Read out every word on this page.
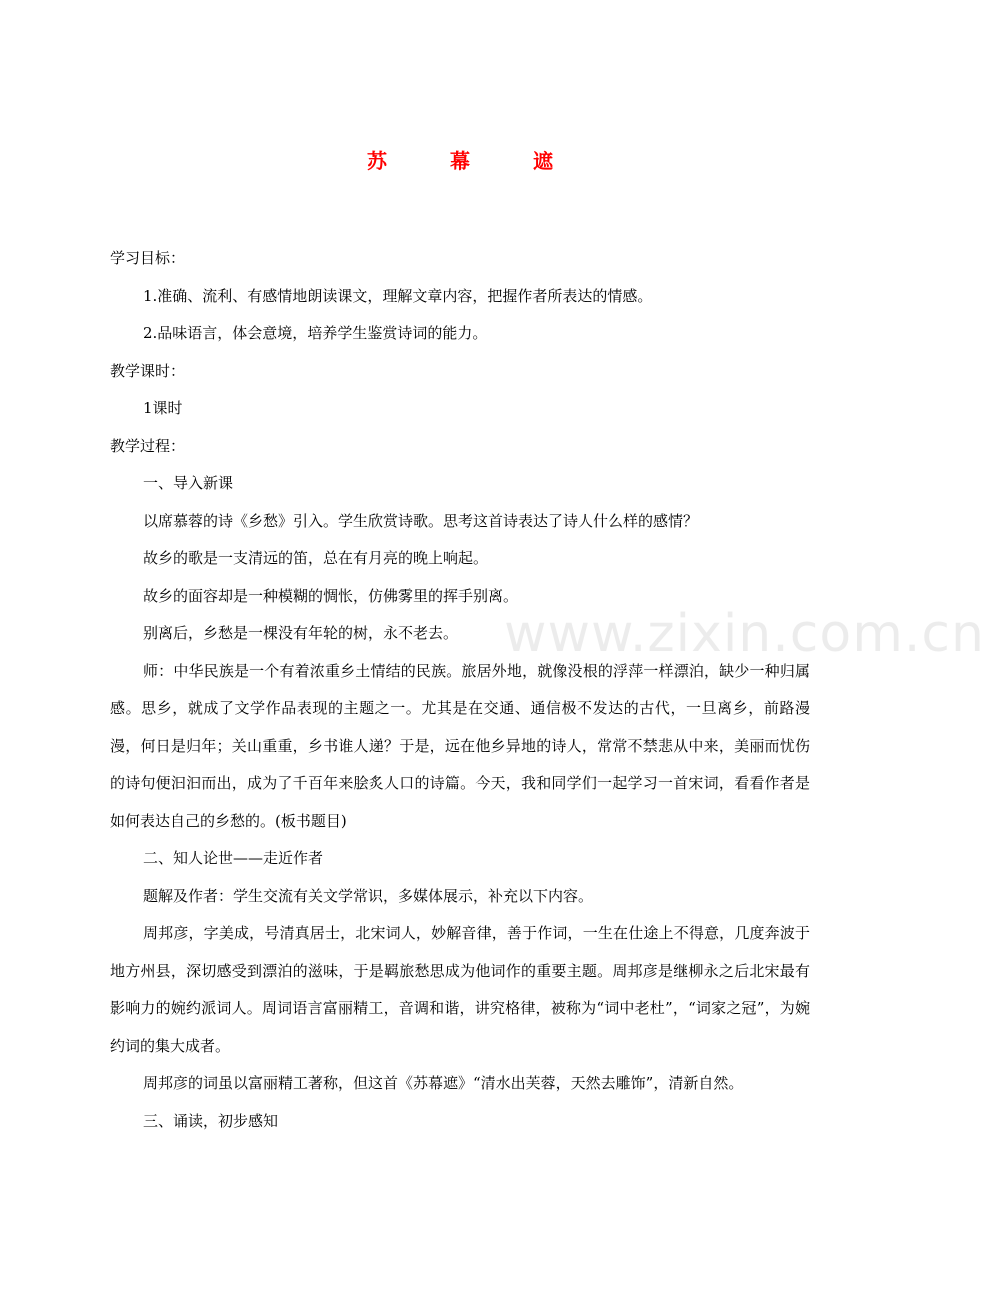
苏 幕 遮

学习目标：

1.准确、流利、有感情地朗读课文，理解文章内容，把握作者所表达的情感。

2.品味语言，体会意境，培养学生鉴赏诗词的能力。

教学课时：

1课时

教学过程：

一、导入新课

以席慕蓉的诗《乡愁》引入。学生欣赏诗歌。思考这首诗表达了诗人什么样的感情？

故乡的歌是一支清远的笛，总在有月亮的晚上响起。

故乡的面容却是一种模糊的惆怅，仿佛雾里的挥手别离。

别离后，乡愁是一棵没有年轮的树，永不老去。

师：中华民族是一个有着浓重乡土情结的民族。旅居外地，就像没根的浮萍一样漂泊，缺少一种归属感。思乡，就成了文学作品表现的主题之一。尤其是在交通、通信极不发达的古代，一旦离乡，前路漫漫，何日是归年；关山重重，乡书谁人递？于是，远在他乡异地的诗人，常常不禁悲从中来，美丽而忧伤的诗句便汩汩而出，成为了千百年来脍炙人口的诗篇。今天，我和同学们一起学习一首宋词，看看作者是如何表达自己的乡愁的。(板书题目)

二、知人论世——走近作者

题解及作者：学生交流有关文学常识，多媒体展示，补充以下内容。

周邦彦，字美成，号清真居士，北宋词人，妙解音律，善于作词，一生在仕途上不得意，几度奔波于地方州县，深切感受到漂泊的滋味，于是羁旅愁思成为他词作的重要主题。周邦彦是继柳永之后北宋最有影响力的婉约派词人。周词语言富丽精工，音调和谐，讲究格律，被称为“词中老杜”，“词家之冠”，为婉约词的集大成者。

周邦彦的词虽以富丽精工著称，但这首《苏幕遮》“清水出芙蓉，天然去雕饰”，清新自然。

三、诵读，初步感知

www.zixin.com.cn
